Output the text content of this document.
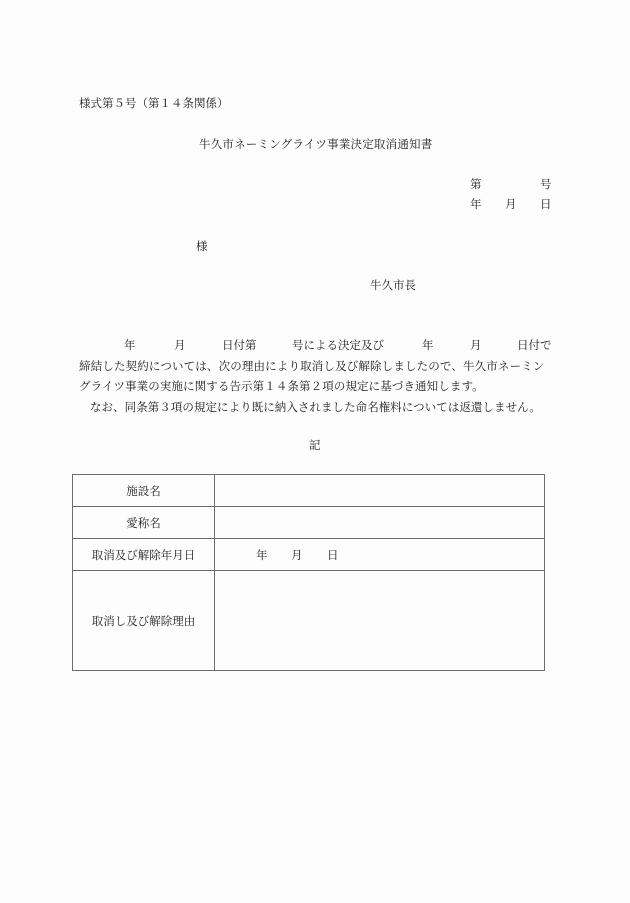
様式第５号（第１４条関係）
牛久市ネーミングライツ事業決定取消通知書
第	号
年 月 日
様
牛久市長
年	月	日付第	号による決定及び	年	月	日付で
締結した契約については、次の理由により取消し及び解除しましたので、牛久市ネーミン
グライツ事業の実施に関する告示第１４条第２項の規定に基づき通知します。
なお、同条第３項の規定により既に納入されました命名権料については返還しません。
記
施設名	
愛称名	
取消及び解除年月日	年 月 日

取消し及び解除理由	
